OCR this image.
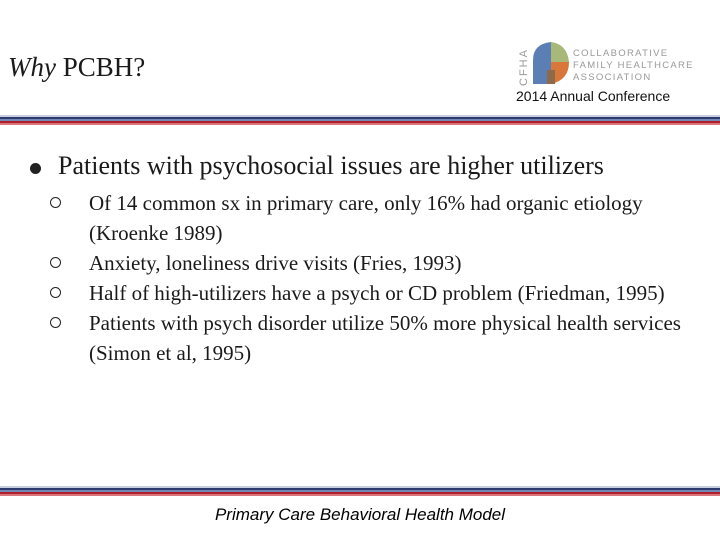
Why PCBH?	CFHA	COLLABORATIVE
FAMILY HEALTHCARE
ASSOCIATION
2014 Annual Conference
Patients with psychosocial issues are higher utilizers
Of 14 common sx in primary care, only 16% had organic etiology (Kroenke 1989)
Anxiety, loneliness drive visits (Fries, 1993)
Half of high-utilizers have a psych or CD problem (Friedman, 1995)
Patients with psych disorder utilize 50% more physical health services (Simon et al, 1995)
Primary Care Behavioral Health Model
